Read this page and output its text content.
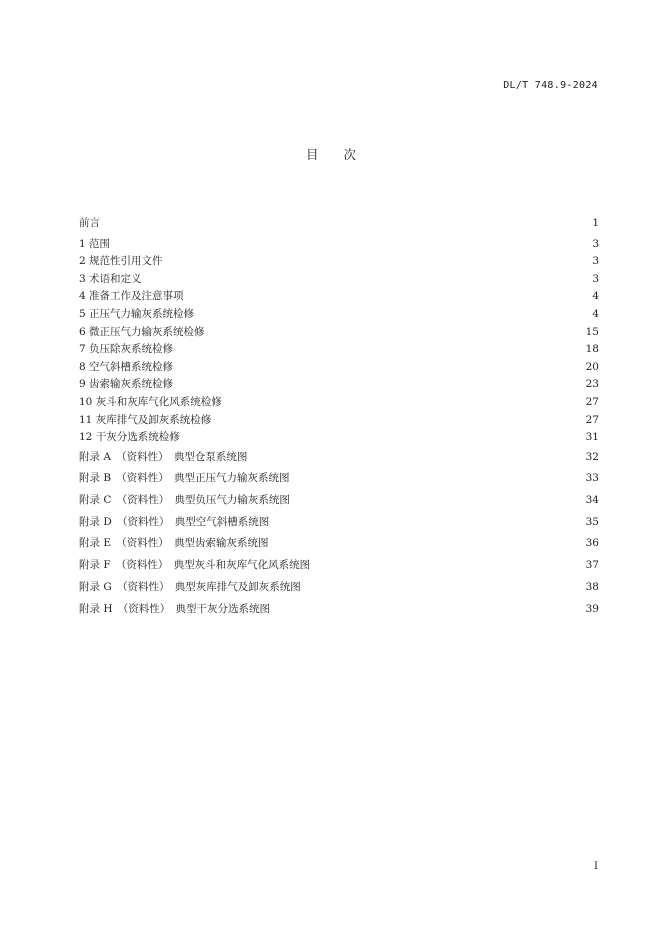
DL/T 748.9-2024
目　　次
前言	1
1 范围	3
2 规范性引用文件	3
3 术语和定义	3
4 准备工作及注意事项	4
5 正压气力输灰系统检修	4
6 微正压气力输灰系统检修	15
7 负压除灰系统检修	18
8 空气斜槽系统检修	20
9 齿索输灰系统检修	23
10 灰斗和灰库气化风系统检修	27
11 灰库排气及卸灰系统检修	27
12 干灰分选系统检修	31
附录 A　（资料性）　典型仓泵系统图	32
附录 B　（资料性）　典型正压气力输灰系统图	33
附录 C　（资料性）　典型负压气力输灰系统图	34
附录 D　（资料性）　典型空气斜槽系统图	35
附录 E　（资料性）　典型齿索输灰系统图	36
附录 F　（资料性）　典型灰斗和灰库气化风系统图	37
附录 G　（资料性）　典型灰库排气及卸灰系统图	38
附录 H　（资料性）　典型干灰分选系统图	39
I
